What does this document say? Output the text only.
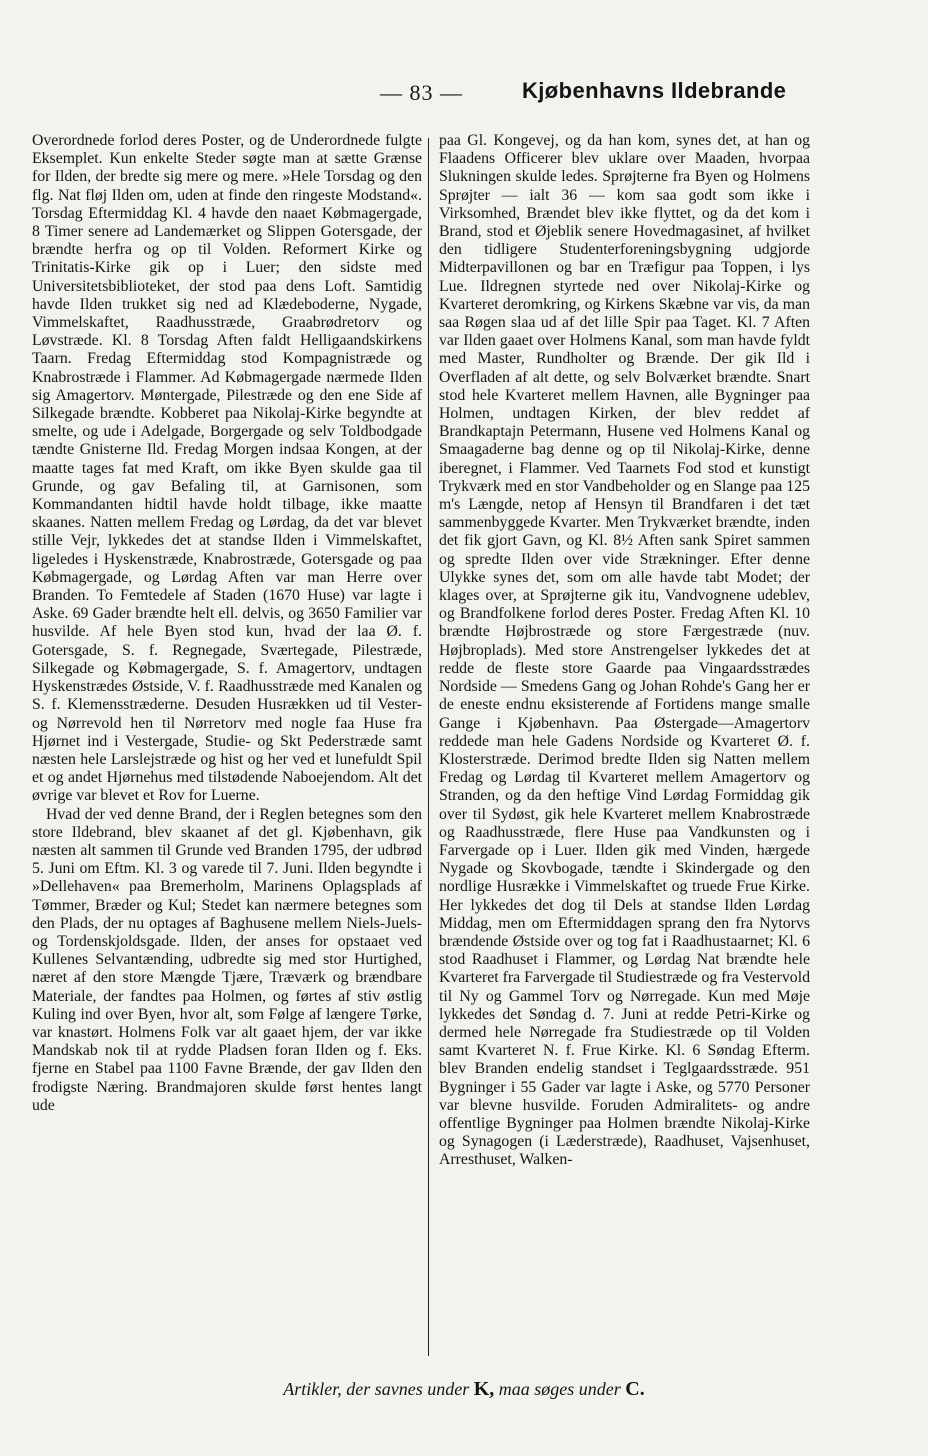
— 83 —	Kjøbenhavns Ildebrande

Overordnede forlod deres Poster, og de Underordnede fulgte Eksemplet. Kun enkelte Steder søgte man at sætte Grænse for Ilden, der bredte sig mere og mere. »Hele Torsdag og den flg. Nat fløj Ilden om, uden at finde den ringeste Modstand«. Torsdag Eftermiddag Kl. 4 havde den naaet Købmagergade, 8 Timer senere ad Landemærket og Slippen Gotersgade, der brændte herfra og op til Volden. Reformert Kirke og Trinitatis-Kirke gik op i Luer; den sidste med Universitetsbiblioteket, der stod paa dens Loft. Samtidig havde Ilden trukket sig ned ad Klædeboderne, Nygade, Vimmelskaftet, Raadhusstræde, Graabrødretorv og Løvstræde. Kl. 8 Torsdag Aften faldt Helligaandskirkens Taarn. Fredag Eftermiddag stod Kompagnistræde og Knabrostræde i Flammer. Ad Købmagergade nærmede Ilden sig Amagertorv. Møntergade, Pilestræde og den ene Side af Silkegade brændte. Kobberet paa Nikolaj-Kirke begyndte at smelte, og ude i Adelgade, Borgergade og selv Toldbodgade tændte Gnisterne Ild. Fredag Morgen indsaa Kongen, at der maatte tages fat med Kraft, om ikke Byen skulde gaa til Grunde, og gav Befaling til, at Garnisonen, som Kommandanten hidtil havde holdt tilbage, ikke maatte skaanes. Natten mellem Fredag og Lørdag, da det var blevet stille Vejr, lykkedes det at standse Ilden i Vimmelskaftet, ligeledes i Hyskenstræde, Knabrostræde, Gotersgade og paa Købmagergade, og Lørdag Aften var man Herre over Branden. To Femtedele af Staden (1670 Huse) var lagte i Aske. 69 Gader brændte helt ell. delvis, og 3650 Familier var husvilde. Af hele Byen stod kun, hvad der laa Ø. f. Gotersgade, S. f. Regnegade, Sværtegade, Pilestræde, Silkegade og Købmagergade, S. f. Amagertorv, undtagen Hyskenstrædes Østside, V. f. Raadhusstræde med Kanalen og S. f. Klemensstræderne. Desuden Husrækken ud til Vester- og Nørrevold hen til Nørretorv med nogle faa Huse fra Hjørnet ind i Vestergade, Studie- og Skt Pederstræde samt næsten hele Larslejstræde og hist og her ved et lunefuldt Spil et og andet Hjørnehus med tilstødende Naboejendom. Alt det øvrige var blevet et Rov for Luerne.

Hvad der ved denne Brand, der i Reglen betegnes som den store Ildebrand, blev skaanet af det gl. Kjøbenhavn, gik næsten alt sammen til Grunde ved Branden 1795, der udbrød 5. Juni om Eftm. Kl. 3 og varede til 7. Juni. Ilden begyndte i »Dellehaven« paa Bremerholm, Marinens Oplagsplads af Tømmer, Bræder og Kul; Stedet kan nærmere betegnes som den Plads, der nu optages af Baghusene mellem Niels-Juels- og Tordenskjoldsgade. Ilden, der anses for opstaaet ved Kullenes Selvantænding, udbredte sig med stor Hurtighed, næret af den store Mængde Tjære, Træværk og brændbare Materiale, der fandtes paa Holmen, og førtes af stiv østlig Kuling ind over Byen, hvor alt, som Følge af længere Tørke, var knastørt. Holmens Folk var alt gaaet hjem, der var ikke Mandskab nok til at rydde Pladsen foran Ilden og f. Eks. fjerne en Stabel paa 1100 Favne Brænde, der gav Ilden den frodigste Næring. Brandmajoren skulde først hentes langt ude

paa Gl. Kongevej, og da han kom, synes det, at han og Flaadens Officerer blev uklare over Maaden, hvorpaa Slukningen skulde ledes. Sprøjterne fra Byen og Holmens Sprøjter — ialt 36 — kom saa godt som ikke i Virksomhed, Brændet blev ikke flyttet, og da det kom i Brand, stod et Øjeblik senere Hovedmagasinet, af hvilket den tidligere Studenterforeningsbygning udgjorde Midterpavillonen og bar en Træfigur paa Toppen, i lys Lue. Ildregnen styrtede ned over Nikolaj-Kirke og Kvarteret deromkring, og Kirkens Skæbne var vis, da man saa Røgen slaa ud af det lille Spir paa Taget. Kl. 7 Aften var Ilden gaaet over Holmens Kanal, som man havde fyldt med Master, Rundholter og Brænde. Der gik Ild i Overfladen af alt dette, og selv Bolværket brændte. Snart stod hele Kvarteret mellem Havnen, alle Bygninger paa Holmen, undtagen Kirken, der blev reddet af Brandkaptajn Petermann, Husene ved Holmens Kanal og Smaagaderne bag denne og op til Nikolaj-Kirke, denne iberegnet, i Flammer. Ved Taarnets Fod stod et kunstigt Trykværk med en stor Vandbeholder og en Slange paa 125 m's Længde, netop af Hensyn til Brandfaren i det tæt sammenbyggede Kvarter. Men Trykværket brændte, inden det fik gjort Gavn, og Kl. 8½ Aften sank Spiret sammen og spredte Ilden over vide Strækninger. Efter denne Ulykke synes det, som om alle havde tabt Modet; der klages over, at Sprøjterne gik itu, Vandvognene udeblev, og Brandfolkene forlod deres Poster. Fredag Aften Kl. 10 brændte Højbrostræde og store Færgestræde (nuv. Højbroplads). Med store Anstrengelser lykkedes det at redde de fleste store Gaarde paa Vingaardsstrædes Nordside — Smedens Gang og Johan Rohde's Gang her er de eneste endnu eksisterende af Fortidens mange smalle Gange i Kjøbenhavn. Paa Østergade—Amagertorv reddede man hele Gadens Nordside og Kvarteret Ø. f. Klosterstræde. Derimod bredte Ilden sig Natten mellem Fredag og Lørdag til Kvarteret mellem Amagertorv og Stranden, og da den heftige Vind Lørdag Formiddag gik over til Sydøst, gik hele Kvarteret mellem Knabrostræde og Raadhusstræde, flere Huse paa Vandkunsten og i Farvergade op i Luer. Ilden gik med Vinden, hærgede Nygade og Skovbogade, tændte i Skindergade og den nordlige Husrække i Vimmelskaftet og truede Frue Kirke. Her lykkedes det dog til Dels at standse Ilden Lørdag Middag, men om Eftermiddagen sprang den fra Nytorvs brændende Østside over og tog fat i Raadhustaarnet; Kl. 6 stod Raadhuset i Flammer, og Lørdag Nat brændte hele Kvarteret fra Farvergade til Studiestræde og fra Vestervold til Ny og Gammel Torv og Nørregade. Kun med Møje lykkedes det Søndag d. 7. Juni at redde Petri-Kirke og dermed hele Nørregade fra Studiestræde op til Volden samt Kvarteret N. f. Frue Kirke. Kl. 6 Søndag Efterm. blev Branden endelig standset i Teglgaardsstræde. 951 Bygninger i 55 Gader var lagte i Aske, og 5770 Personer var blevne husvilde. Foruden Admiralitets- og andre offentlige Bygninger paa Holmen brændte Nikolaj-Kirke og Synagogen (i Læderstræde), Raadhuset, Vajsenhuset, Arresthuset, Walken-

Artikler, der savnes under K, maa søges under C.
